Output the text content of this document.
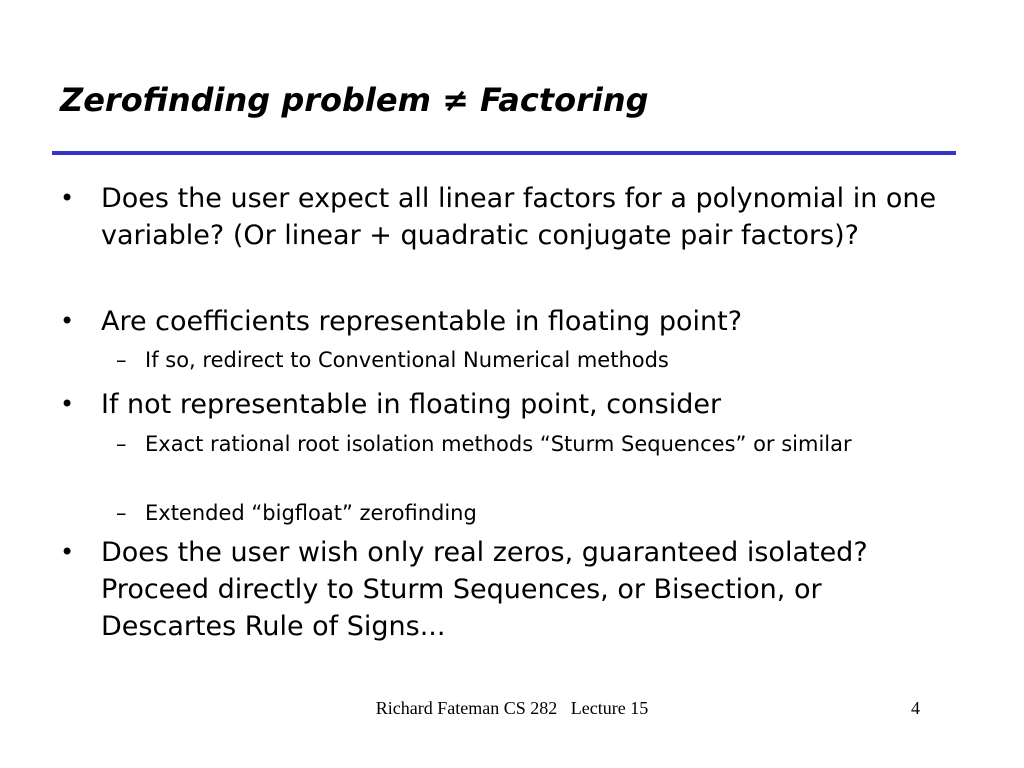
Zerofinding problem ≠ Factoring
• Does the user expect all linear factors for a polynomial in one variable? (Or linear + quadratic conjugate pair factors)?
• Are coefficients representable in floating point?
– If so, redirect to Conventional Numerical methods
• If not representable in floating point, consider
– Exact rational root isolation methods “Sturm Sequences” or similar
– Extended “bigfloat” zerofinding
• Does the user wish only real zeros, guaranteed isolated? Proceed directly to Sturm Sequences, or Bisection, or Descartes Rule of Signs...
Richard Fateman CS 282   Lecture 15	4
